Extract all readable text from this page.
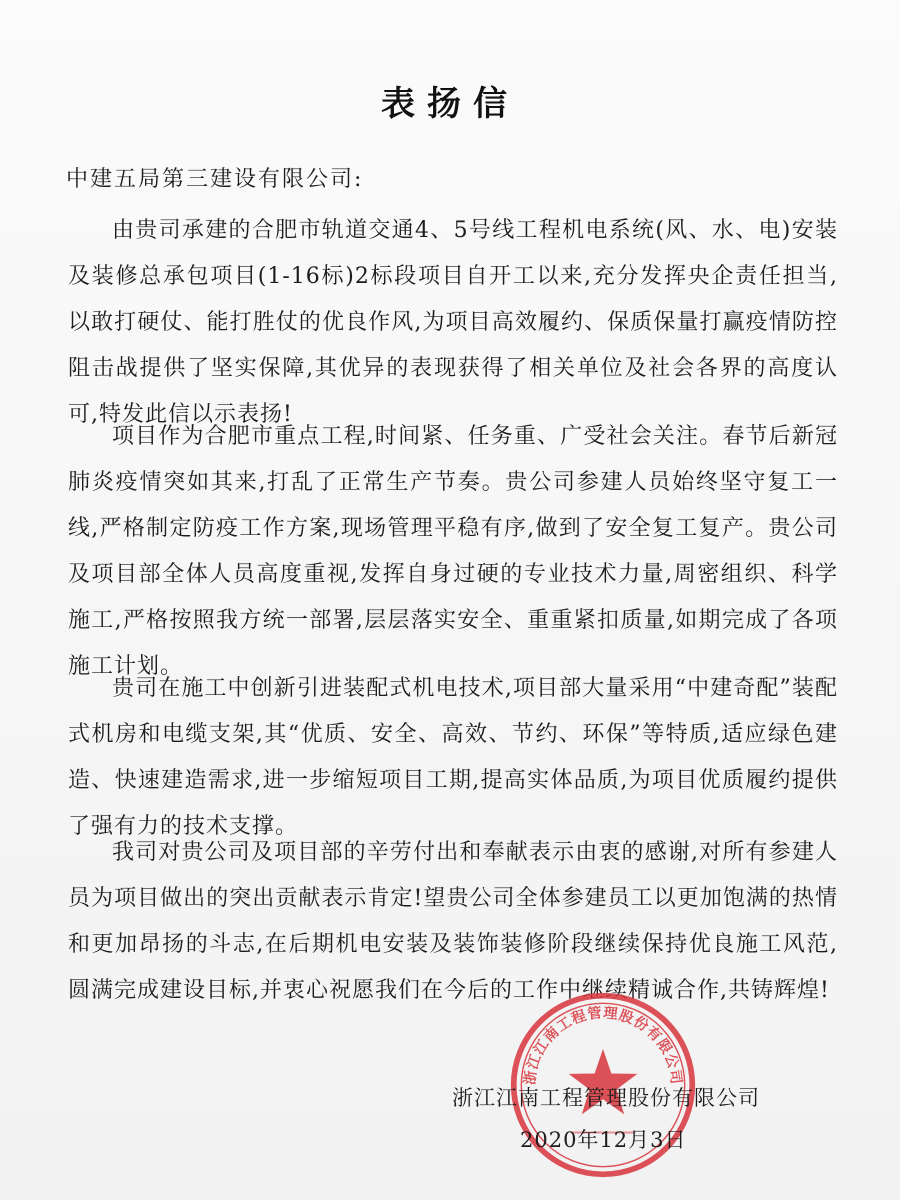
表扬信
中建五局第三建设有限公司:

由贵司承建的合肥市轨道交通4、5号线工程机电系统(风、水、电)安装及装修总承包项目(1-16标)2标段项目自开工以来,充分发挥央企责任担当,以敢打硬仗、能打胜仗的优良作风,为项目高效履约、保质保量打赢疫情防控阻击战提供了坚实保障,其优异的表现获得了相关单位及社会各界的高度认可,特发此信以示表扬!

项目作为合肥市重点工程,时间紧、任务重、广受社会关注。春节后新冠肺炎疫情突如其来,打乱了正常生产节奏。贵公司参建人员始终坚守复工一线,严格制定防疫工作方案,现场管理平稳有序,做到了安全复工复产。贵公司及项目部全体人员高度重视,发挥自身过硬的专业技术力量,周密组织、科学施工,严格按照我方统一部署,层层落实安全、重重紧扣质量,如期完成了各项施工计划。

贵司在施工中创新引进装配式机电技术,项目部大量采用“中建奇配”装配式机房和电缆支架,其“优质、安全、高效、节约、环保”等特质,适应绿色建造、快速建造需求,进一步缩短项目工期,提高实体品质,为项目优质履约提供了强有力的技术支撑。

我司对贵公司及项目部的辛劳付出和奉献表示由衷的感谢,对所有参建人员为项目做出的突出贡献表示肯定!望贵公司全体参建员工以更加饱满的热情和更加昂扬的斗志,在后期机电安装及装饰装修阶段继续保持优良施工风范,圆满完成建设目标,并衷心祝愿我们在今后的工作中继续精诚合作,共铸辉煌!

浙江江南工程管理股份有限公司
浙江江南工程管理股份有限公司
2020年12月3日
